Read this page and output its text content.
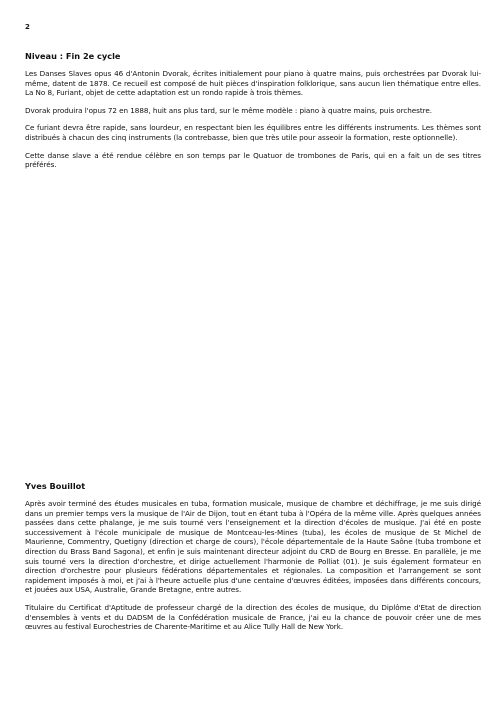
2
Niveau : Fin 2e cycle

Les Danses Slaves opus 46 d'Antonin Dvorak, écrites initialement pour piano à quatre mains, puis orchestrées par Dvorak lui-même, datent de 1878. Ce recueil est composé de huit pièces d'inspiration folklorique, sans aucun lien thématique entre elles. La No 8, Furiant, objet de cette adaptation est un rondo rapide à trois thèmes.

Dvorak produira l'opus 72 en 1888, huit ans plus tard, sur le même modèle : piano à quatre mains, puis orchestre.

Ce furiant devra être rapide, sans lourdeur, en respectant bien les équilibres entre les différents instruments. Les thèmes sont distribués à chacun des cinq instruments (la contrebasse, bien que très utile pour asseoir la formation, reste optionnelle).

Cette danse slave a été rendue célèbre en son temps par le Quatuor de trombones de Paris, qui en a fait un de ses titres préférés.

Yves Bouillot

Après avoir terminé des études musicales en tuba, formation musicale, musique de chambre et déchiffrage, je me suis dirigé dans un premier temps vers la musique de l'Air de Dijon, tout en étant tuba à l'Opéra de la même ville. Après quelques années passées dans cette phalange, je me suis tourné vers l'enseignement et la direction d'écoles de musique. J'ai été en poste successivement à l'école municipale de musique de Montceau-les-Mines (tuba), les écoles de musique de St Michel de Maurienne, Commentry, Quetigny (direction et charge de cours), l'école départementale de la Haute Saône (tuba trombone et direction du Brass Band Sagona), et enfin je suis maintenant directeur adjoint du CRD de Bourg en Bresse. En parallèle, je me suis tourné vers la direction d'orchestre, et dirige actuellement l'harmonie de Polliat (01). Je suis également formateur en direction d'orchestre pour plusieurs fédérations départementales et régionales. La composition et l'arrangement se sont rapidement imposés à moi, et j'ai à l'heure actuelle plus d'une centaine d'œuvres éditées, imposées dans différents concours, et jouées aux USA, Australie, Grande Bretagne, entre autres.

Titulaire du Certificat d'Aptitude de professeur chargé de la direction des écoles de musique, du Diplôme d'Etat de direction d'ensembles à vents et du DADSM de la Confédération musicale de France, j'ai eu la chance de pouvoir créer une de mes œuvres au festival Eurochestries de Charente-Maritime et au Alice Tully Hall de New York.
